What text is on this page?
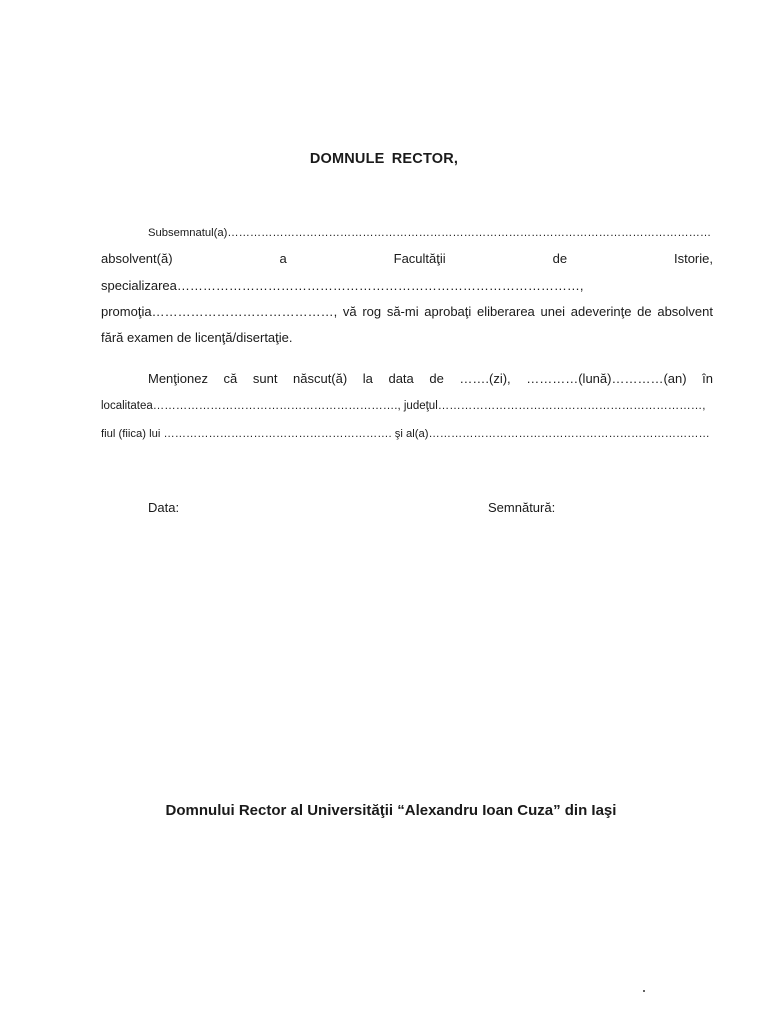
DOMNULE RECTOR,
Subsemnatul(a)…………………………………………………………………………………………………………………
absolvent(ă) a Facultăţii de Istorie,
specializarea…………………………………………………………………………………,
promoţia……………………………………, vă rog să-mi aprobaţi eliberarea unei adeverinţe de absolvent
fără examen de licenţă/disertaţie.
Menţionez că sunt născut(ă) la data de …….(zi), …………(lună)…………(an) în
localitatea………………………………………………………., judeţul……………………………………………………………,
fiul (fiica) lui ……………………………………………………. şi al(a)…………………………………………………………………
Data:	Semnătură:
Domnului Rector al Universităţii “Alexandru Ioan Cuza” din Iaşi
